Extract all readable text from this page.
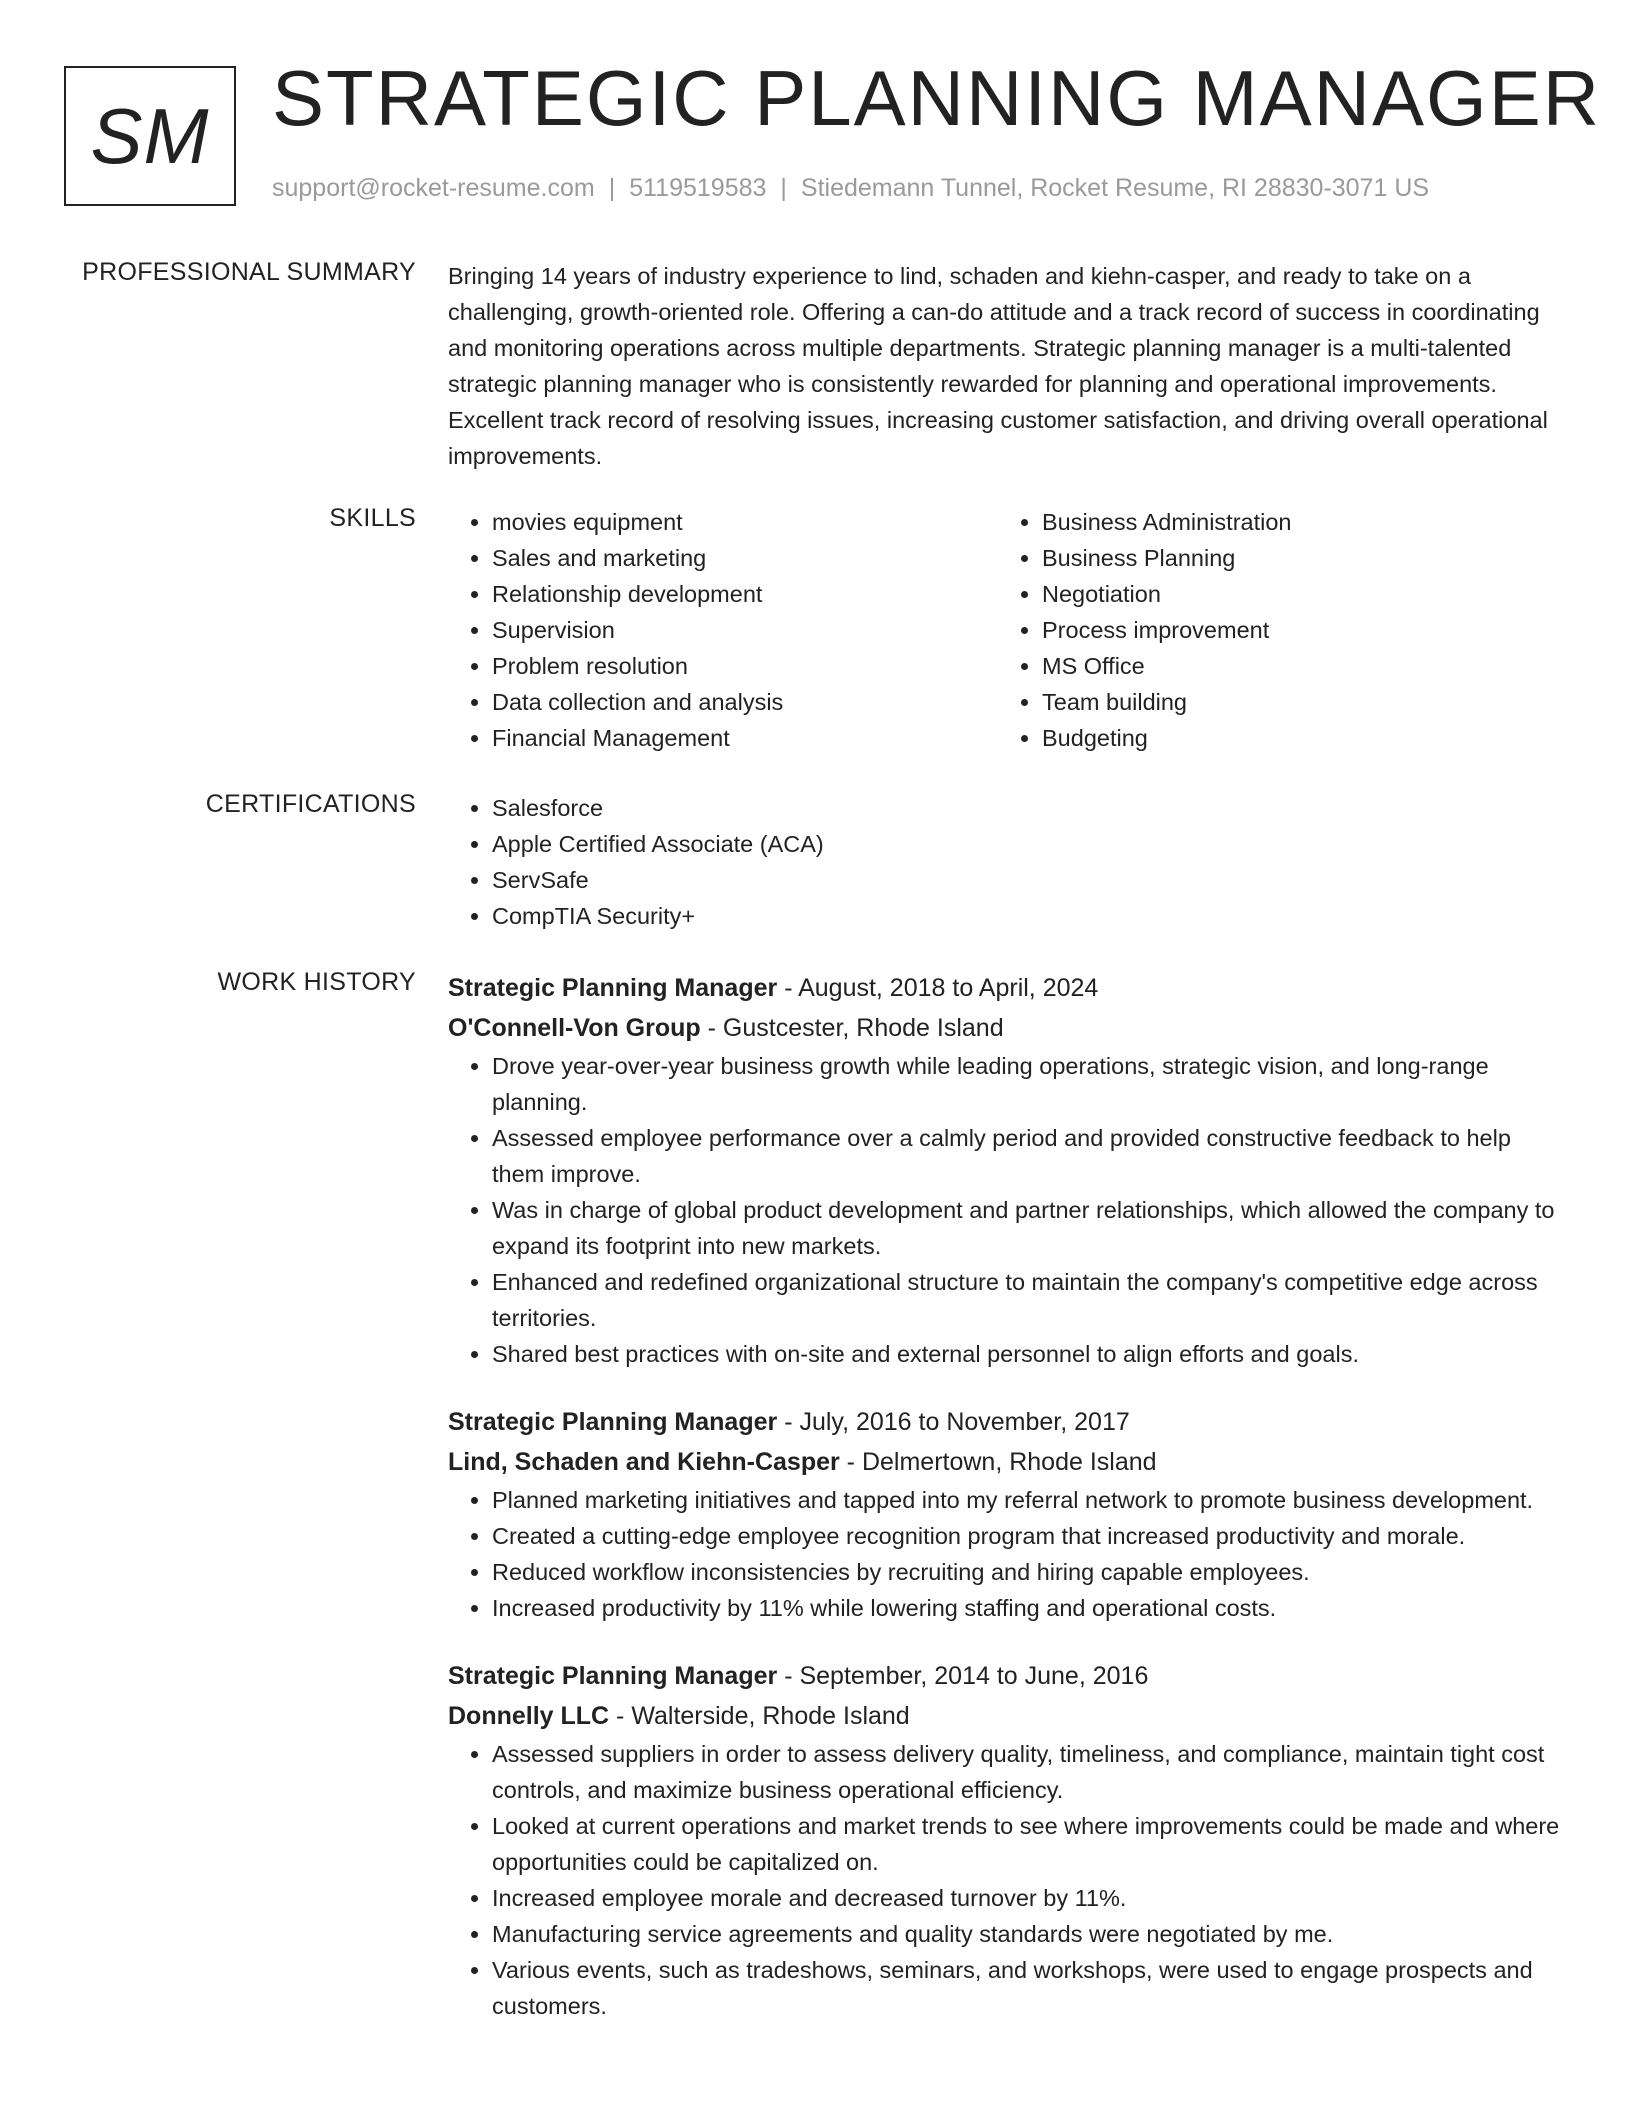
SM STRATEGIC PLANNING MANAGER
support@rocket-resume.com | 5119519583 | Stiedemann Tunnel, Rocket Resume, RI 28830-3071 US
PROFESSIONAL SUMMARY Bringing 14 years of industry experience to lind, schaden and kiehn-casper, and ready to take on a challenging, growth-oriented role. Offering a can-do attitude and a track record of success in coordinating and monitoring operations across multiple departments. Strategic planning manager is a multi-talented strategic planning manager who is consistently rewarded for planning and operational improvements. Excellent track record of resolving issues, increasing customer satisfaction, and driving overall operational improvements.
SKILLS	• movies equipment
• Sales and marketing
• Relationship development
• Supervision
• Problem resolution
• Data collection and analysis
• Financial Management
• Business Administration
• Business Planning
• Negotiation
• Process improvement
• MS Office
• Team building
• Budgeting
CERTIFICATIONS	• Salesforce
• Apple Certified Associate (ACA)
• ServSafe
• CompTIA Security+
WORK HISTORY Strategic Planning Manager - August, 2018 to April, 2024
O'Connell-Von Group - Gustcester, Rhode Island
• Drove year-over-year business growth while leading operations, strategic vision, and long-range planning.
• Assessed employee performance over a calmly period and provided constructive feedback to help them improve.
• Was in charge of global product development and partner relationships, which allowed the company to expand its footprint into new markets.
• Enhanced and redefined organizational structure to maintain the company's competitive edge across territories.
• Shared best practices with on-site and external personnel to align efforts and goals.
Strategic Planning Manager - July, 2016 to November, 2017
Lind, Schaden and Kiehn-Casper - Delmertown, Rhode Island
• Planned marketing initiatives and tapped into my referral network to promote business development.
• Created a cutting-edge employee recognition program that increased productivity and morale.
• Reduced workflow inconsistencies by recruiting and hiring capable employees.
• Increased productivity by 11% while lowering staffing and operational costs.
Strategic Planning Manager - September, 2014 to June, 2016
Donnelly LLC - Walterside, Rhode Island
• Assessed suppliers in order to assess delivery quality, timeliness, and compliance, maintain tight cost controls, and maximize business operational efficiency.
• Looked at current operations and market trends to see where improvements could be made and where opportunities could be capitalized on.
• Increased employee morale and decreased turnover by 11%.
• Manufacturing service agreements and quality standards were negotiated by me.
• Various events, such as tradeshows, seminars, and workshops, were used to engage prospects and customers.
